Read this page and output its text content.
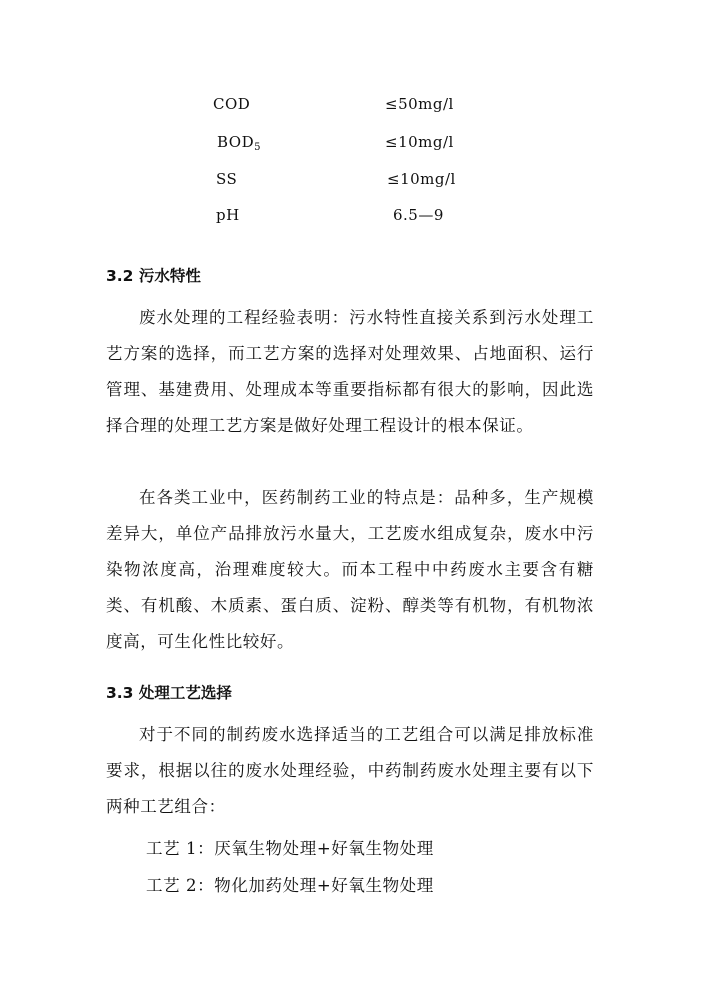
COD	≤50mg/l
$BOD_5$	≤10mg/l
SS	≤10mg/l
pH	6.5—9
3.2 污水特性

废水处理的工程经验表明：污水特性直接关系到污水处理工艺方案的选择，而工艺方案的选择对处理效果、占地面积、运行管理、基建费用、处理成本等重要指标都有很大的影响，因此选择合理的处理工艺方案是做好处理工程设计的根本保证。

在各类工业中，医药制药工业的特点是：品种多，生产规模差异大，单位产品排放污水量大，工艺废水组成复杂，废水中污染物浓度高，治理难度较大。而本工程中中药废水主要含有糖类、有机酸、木质素、蛋白质、淀粉、醇类等有机物，有机物浓度高，可生化性比较好。

3.3 处理工艺选择

对于不同的制药废水选择适当的工艺组合可以满足排放标准要求，根据以往的废水处理经验，中药制药废水处理主要有以下两种工艺组合：

工艺 1：厌氧生物处理+好氧生物处理
工艺 2：物化加药处理+好氧生物处理
